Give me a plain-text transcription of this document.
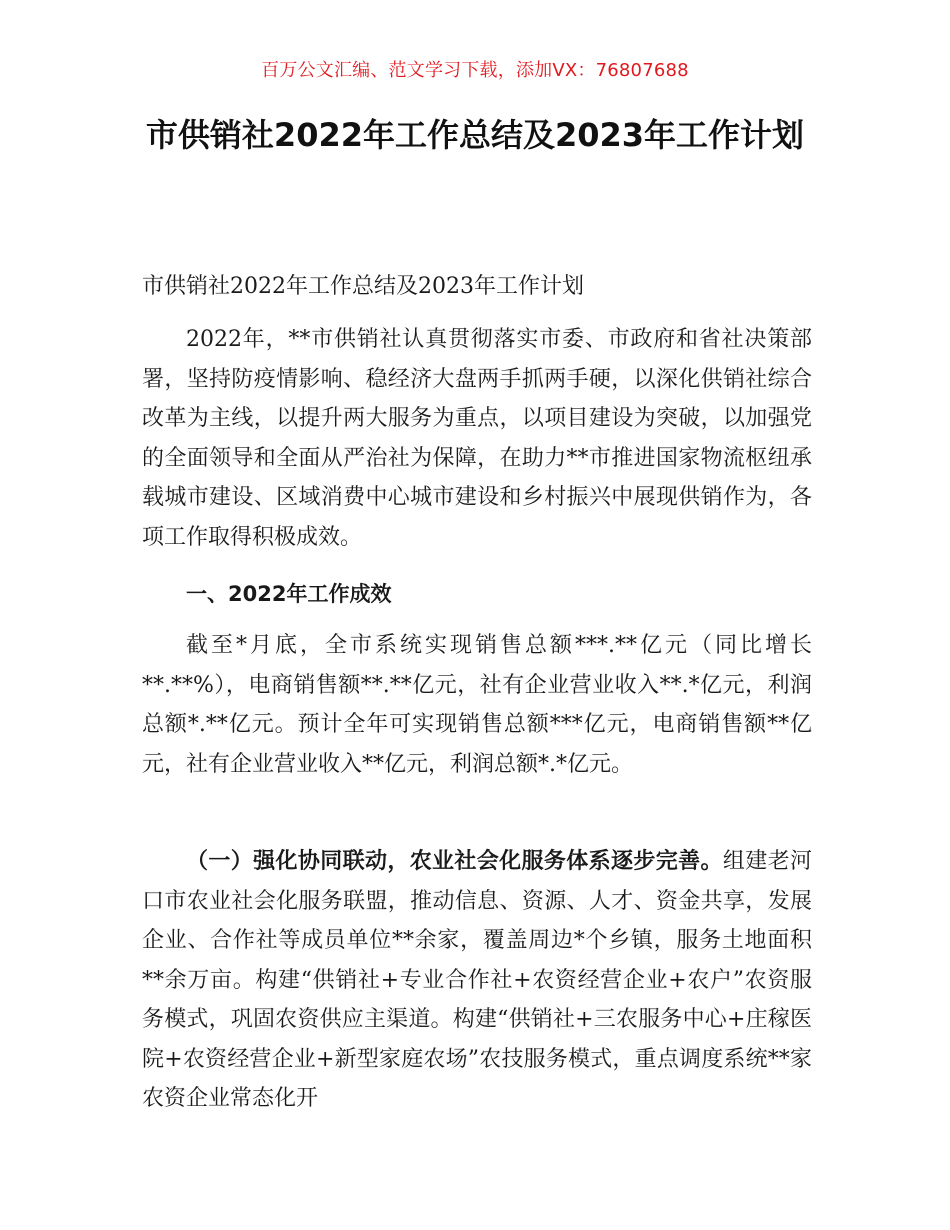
百万公文汇编、范文学习下载，添加VX：76807688
市供销社2022年工作总结及2023年工作计划

市供销社2022年工作总结及2023年工作计划

2022年，**市供销社认真贯彻落实市委、市政府和省社决策部署，坚持防疫情影响、稳经济大盘两手抓两手硬，以深化供销社综合改革为主线，以提升两大服务为重点，以项目建设为突破，以加强党的全面领导和全面从严治社为保障，在助力**市推进国家物流枢纽承载城市建设、区域消费中心城市建设和乡村振兴中展现供销作为，各项工作取得积极成效。

一、2022年工作成效

截至*月底，全市系统实现销售总额***.**亿元（同比增长**.**%），电商销售额**.**亿元，社有企业营业收入**.*亿元，利润总额*.**亿元。预计全年可实现销售总额***亿元，电商销售额**亿元，社有企业营业收入**亿元，利润总额*.*亿元。

（一）强化协同联动，农业社会化服务体系逐步完善。组建老河口市农业社会化服务联盟，推动信息、资源、人才、资金共享，发展企业、合作社等成员单位**余家，覆盖周边*个乡镇，服务土地面积**余万亩。构建“供销社+专业合作社+农资经营企业+农户”农资服务模式，巩固农资供应主渠道。构建“供销社+三农服务中心+庄稼医院+农资经营企业+新型家庭农场”农技服务模式，重点调度系统**家农资企业常态化开
